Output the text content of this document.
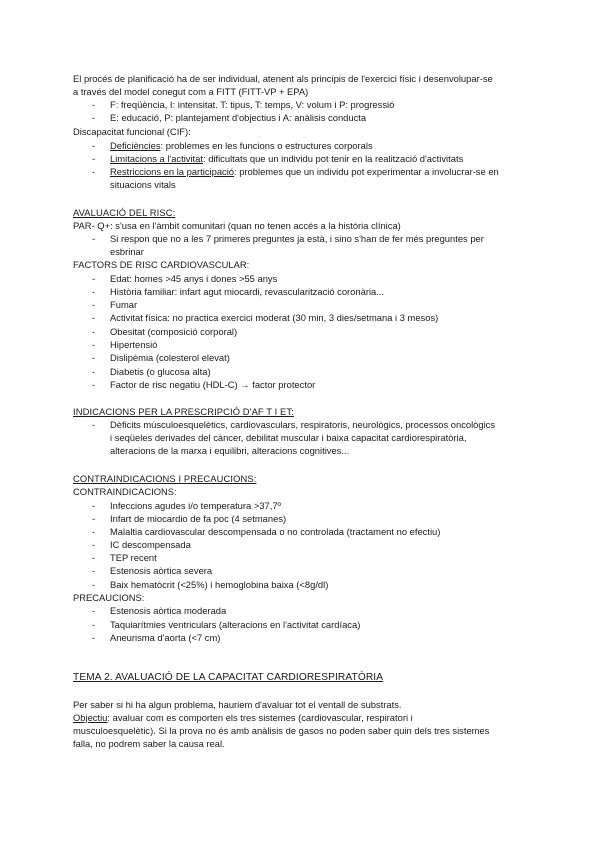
El procés de planificació ha de ser individual, atenent als principis de l'exercici físic i desenvolupar-se
a través del model conegut com a FITT (FITT-VP + EPA)
- F: freqüència, I: intensitat. T: tipus, T: temps, V: volum i P: progressió
- E: educació, P: plantejament d'objectius i A: anàlisis conducta
Discapacitat funcional (CIF):
- Deficiències: problemes en les funcions o estructures corporals
- Limitacions a l'activitat: dificultats que un individu pot tenir en la realització d'activitats
- Restriccions en la participació: problemes que un individu pot experimentar a involucrar-se en
situacions vitals
AVALUACIÓ DEL RISC:
PAR- Q+: s'usa en l'àmbit comunitari (quan no tenen accés a la història clínica)
- Si respon que no a les 7 primeres preguntes ja està, i sino s'han de fer més preguntes per
esbrinar
FACTORS DE RISC CARDIOVASCULAR:
- Edat: homes >45 anys i dones >55 anys
- Història familiar: infart agut miocardi, revascularització coronària...
- Fumar
- Activitat física: no practica exercici moderat (30 min, 3 dies/setmana i 3 mesos)
- Obesitat (composició corporal)
- Hipertensió
- Dislipèmia (colesterol elevat)
- Diabetis (o glucosa alta)
- Factor de risc negatiu (HDL-C) → factor protector
INDICACIONS PER LA PRESCRIPCIÓ D'AF T I ET:
- Dèficits músculoesquelètics, cardiovasculars, respiratoris, neurològics, processos oncològics
i seqüeles derivades del càncer, debilitat muscular i baixa capacitat cardiorespiratòria,
alteracions de la marxa i equilibri, alteracions cognitives...
CONTRAINDICACIONS I PRECAUCIONS:
CONTRAINDICACIONS:
- Infeccions agudes i/o temperatura >37,7º
- Infart de miocardio de fa poc (4 setmanes)
- Malaltia cardiovascular descompensada o no controlada (tractament no efectiu)
- IC descompensada
- TEP recent
- Estenosis aòrtica severa
- Baix hematòcrit (<25%) i hemoglobina baixa (<8g/dl)
PRECAUCIONS:
- Estenosis aòrtica moderada
- Taquiarítmies ventriculars (alteracions en l'activitat cardíaca)
- Aneurisma d'aorta (<7 cm)
TEMA 2. AVALUACIÓ DE LA CAPACITAT CARDIORESPIRATÒRIA
Per saber si hi ha algun problema, hauriem d'avaluar tot el ventall de substrats.
Objectiu: avaluar com es comporten els tres sistemes (cardiovascular, respiratori i
musculoesquelètic). Si la prova no és amb anàlisis de gasos no poden saber quin dels tres sistemes
falla, no podrem saber la causa real.
